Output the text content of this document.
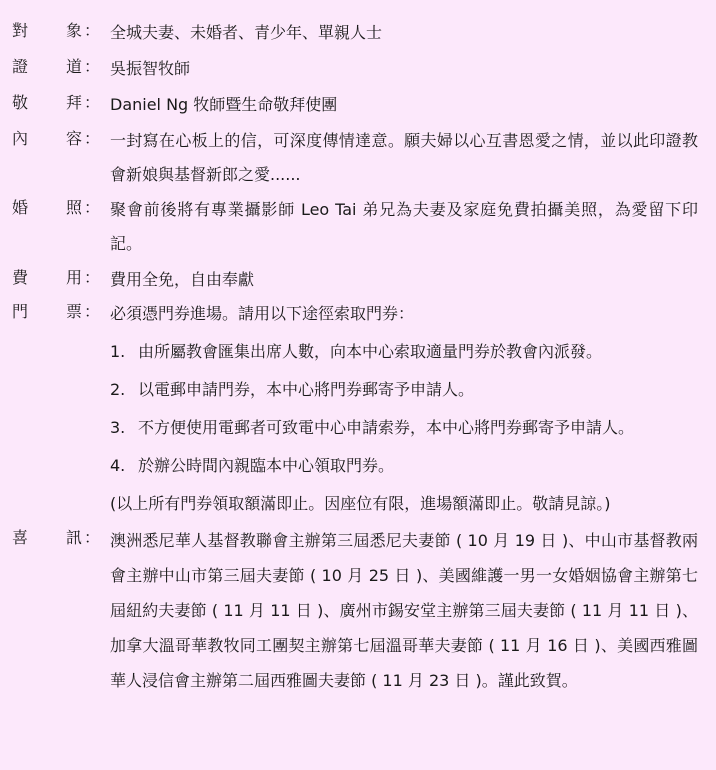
對 象 ： 全城夫妻、未婚者、青少年、單親人士
證 道 ： 吳振智牧師
敬 拜 ： Daniel Ng 牧師暨生命敬拜使團
內 容 ： 一封寫在心板上的信，可深度傳情達意。願夫婦以心互書恩愛之情，並以此印證教會新娘與基督新郎之愛......
婚 照 ： 聚會前後將有專業攝影師 Leo Tai 弟兄為夫妻及家庭免費拍攝美照，為愛留下印記。
費 用 ： 費用全免，自由奉獻
門 票 ： 必須憑門券進場。請用以下途徑索取門券：
1. 由所屬教會匯集出席人數，向本中心索取適量門券於教會內派發。
2. 以電郵申請門券，本中心將門券郵寄予申請人。
3. 不方便使用電郵者可致電中心申請索券，本中心將門券郵寄予申請人。
4. 於辦公時間內親臨本中心領取門券。
(以上所有門券領取額滿即止。因座位有限，進場額滿即止。敬請見諒。)
喜 訊 ： 澳洲悉尼華人基督教聯會主辦第三屆悉尼夫妻節 ( 10 月 19 日 )、中山市基督教兩會主辦中山市第三屆夫妻節 ( 10 月 25 日 )、美國維護一男一女婚姻協會主辦第七屆紐約夫妻節 ( 11 月 11 日 )、廣州市錫安堂主辦第三屆夫妻節 ( 11 月 11 日 )、加拿大溫哥華教牧同工團契主辦第七屆溫哥華夫妻節 ( 11 月 16 日 )、美國西雅圖華人浸信會主辦第二屆西雅圖夫妻節 ( 11 月 23 日 )。謹此致賀。
